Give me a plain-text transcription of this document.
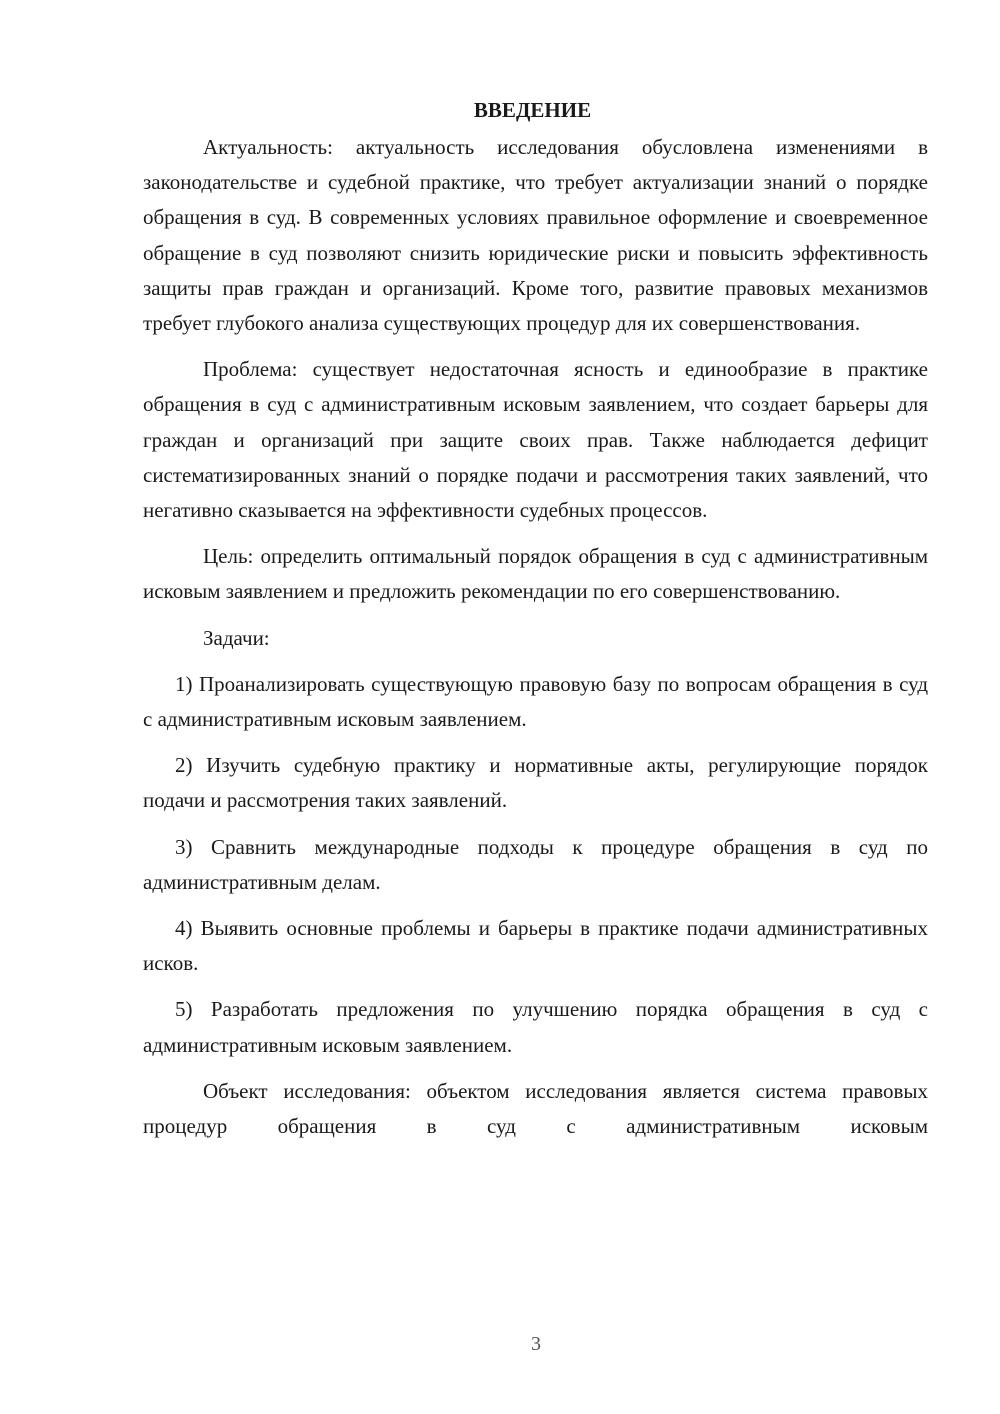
ВВЕДЕНИЕ

Актуальность: актуальность исследования обусловлена изменениями в законодательстве и судебной практике, что требует актуализации знаний о порядке обращения в суд. В современных условиях правильное оформление и своевременное обращение в суд позволяют снизить юридические риски и повысить эффективность защиты прав граждан и организаций. Кроме того, развитие правовых механизмов требует глубокого анализа существующих процедур для их совершенствования.

Проблема: существует недостаточная ясность и единообразие в практике обращения в суд с административным исковым заявлением, что создает барьеры для граждан и организаций при защите своих прав. Также наблюдается дефицит систематизированных знаний о порядке подачи и рассмотрения таких заявлений, что негативно сказывается на эффективности судебных процессов.

Цель: определить оптимальный порядок обращения в суд с административным исковым заявлением и предложить рекомендации по его совершенствованию.

Задачи:

1) Проанализировать существующую правовую базу по вопросам обращения в суд с административным исковым заявлением.

2) Изучить судебную практику и нормативные акты, регулирующие порядок подачи и рассмотрения таких заявлений.

3) Сравнить международные подходы к процедуре обращения в суд по административным делам.

4) Выявить основные проблемы и барьеры в практике подачи административных исков.

5) Разработать предложения по улучшению порядка обращения в суд с административным исковым заявлением.

Объект исследования: объектом исследования является система правовых процедур обращения в суд с административным исковым

3
